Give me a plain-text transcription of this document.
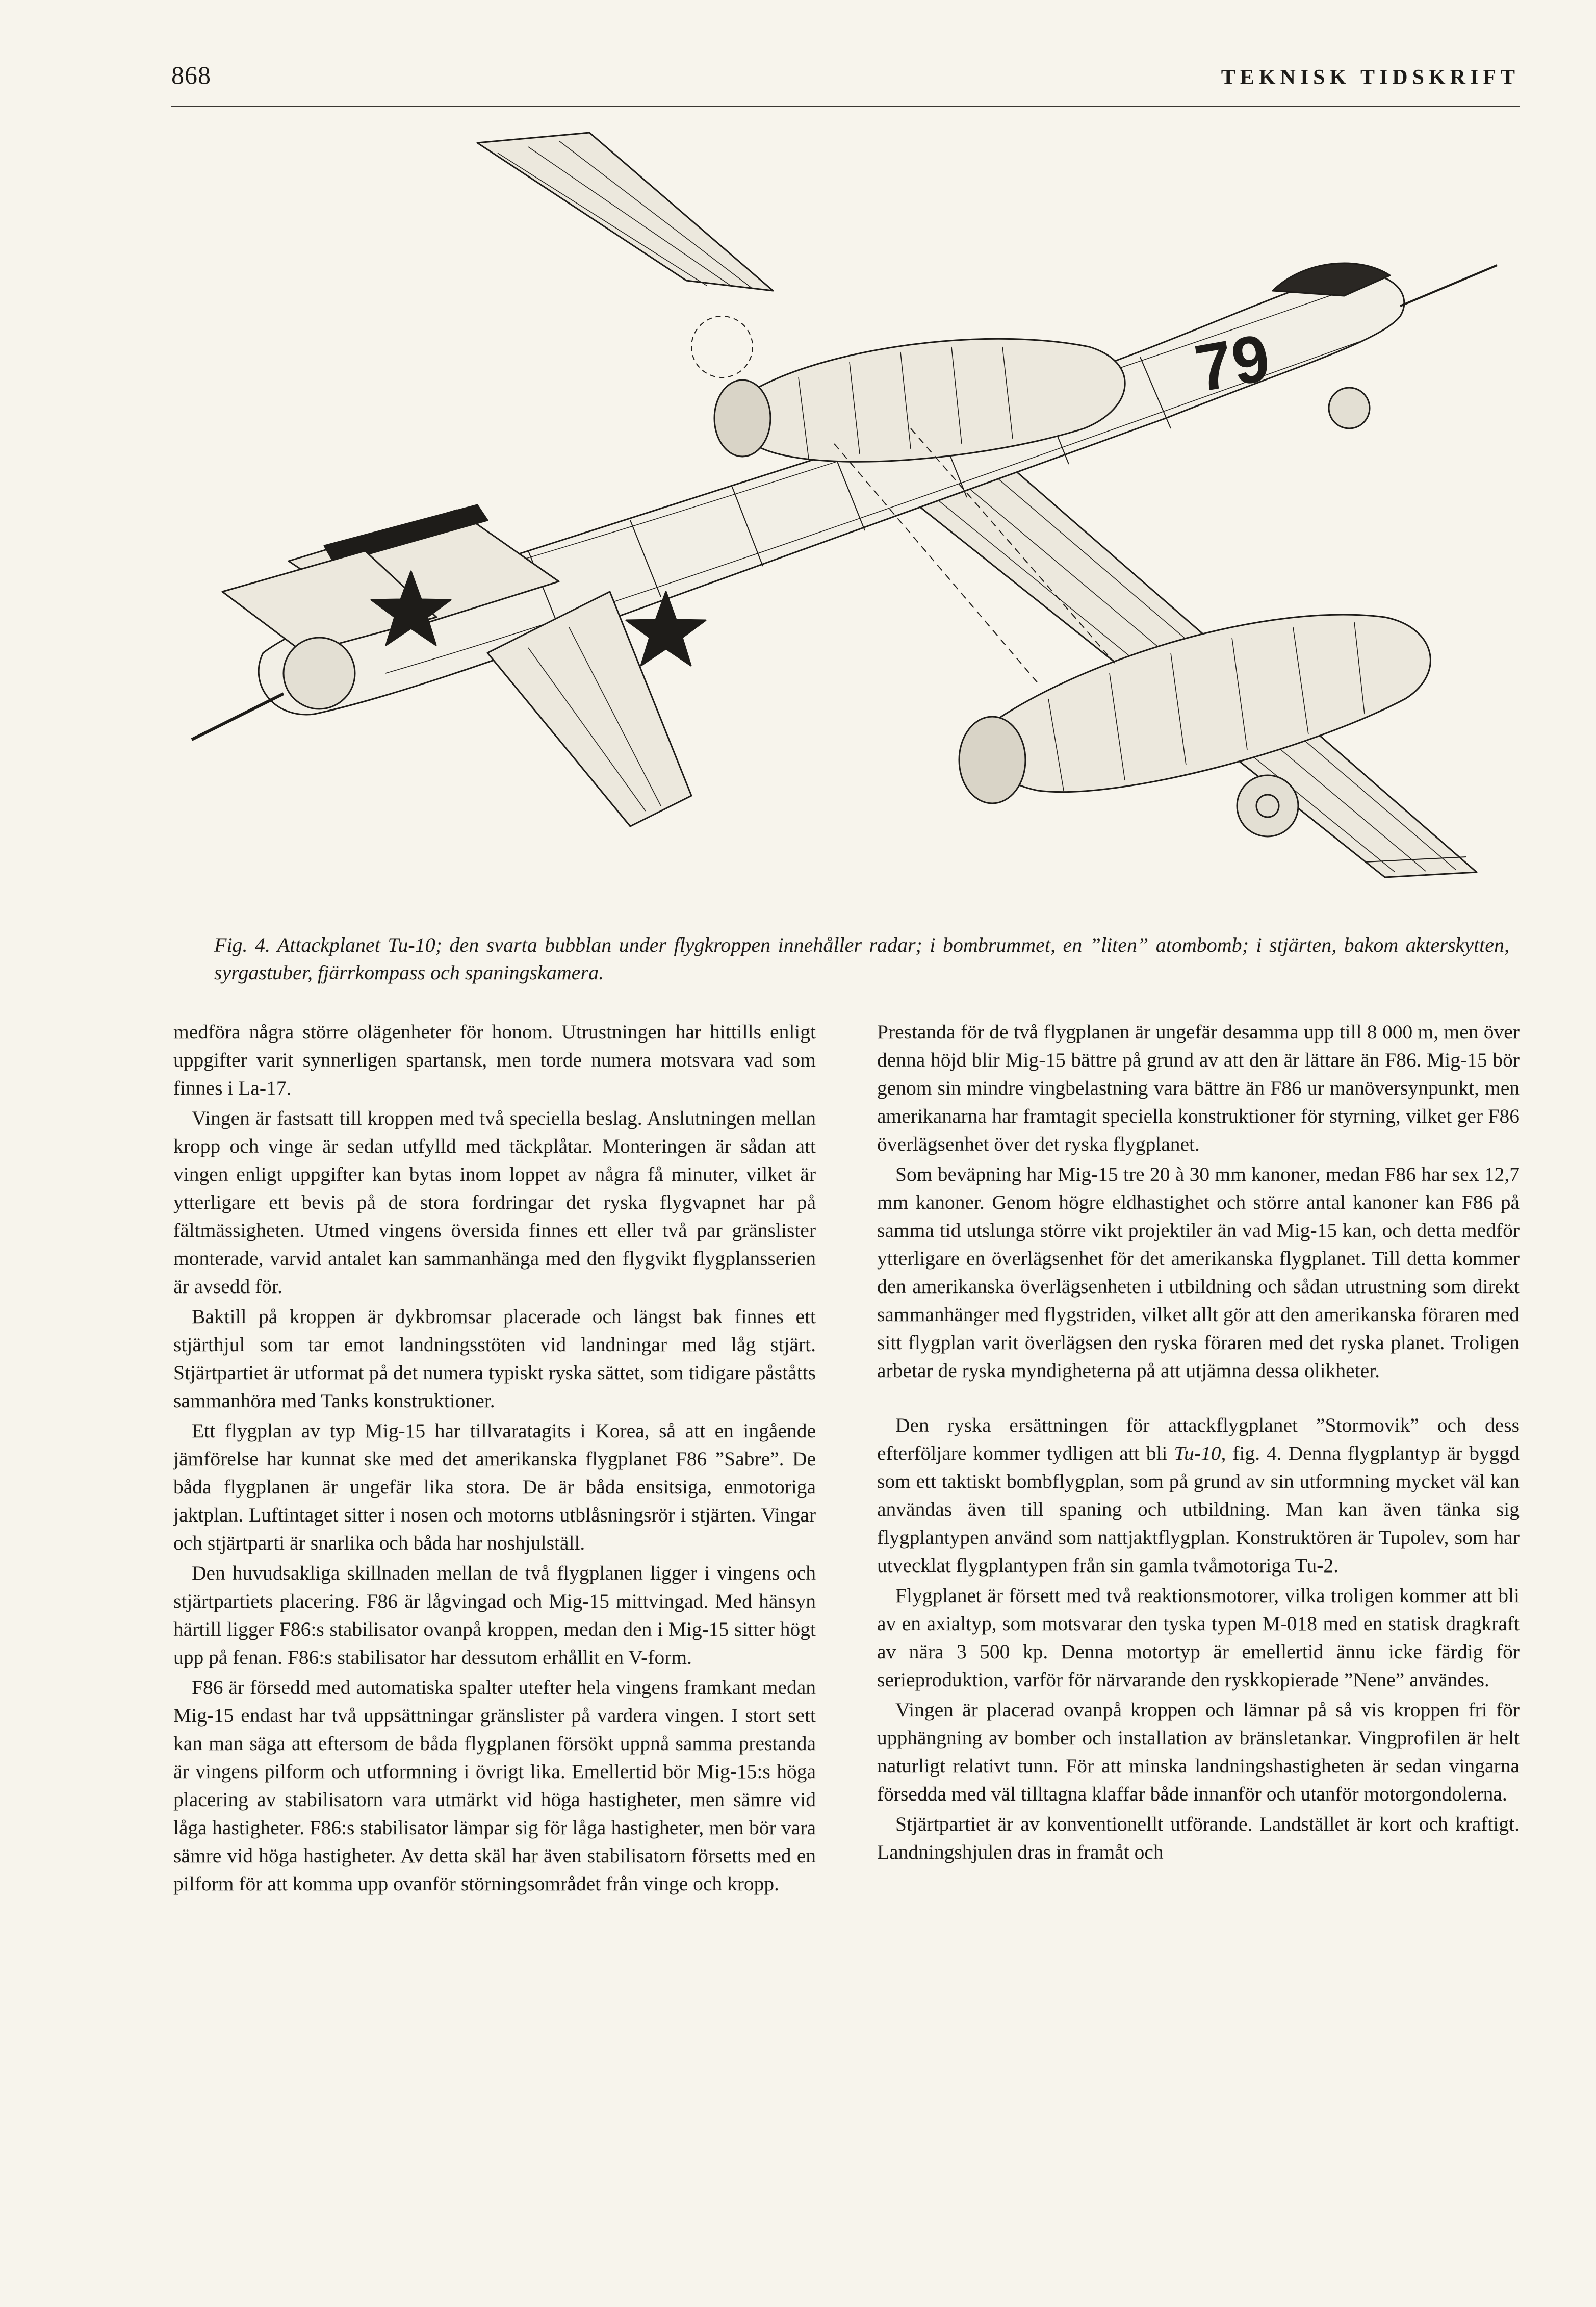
868	TEKNISK TIDSKRIFT
79
Fig. 4. Attackplanet Tu-10; den svarta bubblan under flygkroppen innehåller radar; i bombrummet, en ”liten” atombomb; i stjärten, bakom akterskytten, syrgastuber, fjärrkompass och spaningskamera.

medföra några större olägenheter för honom. Utrustningen har hittills enligt uppgifter varit synnerligen spartansk, men torde numera motsvara vad som finnes i La-17.

Vingen är fastsatt till kroppen med två speciella beslag. Anslutningen mellan kropp och vinge är sedan utfylld med täckplåtar. Monteringen är sådan att vingen enligt uppgifter kan bytas inom loppet av några få minuter, vilket är ytterligare ett bevis på de stora fordringar det ryska flygvapnet har på fältmässigheten. Utmed vingens översida finnes ett eller två par gränslister monterade, varvid antalet kan sammanhänga med den flygvikt flygplansserien är avsedd för.

Baktill på kroppen är dykbromsar placerade och längst bak finnes ett stjärthjul som tar emot landningsstöten vid landningar med låg stjärt. Stjärtpartiet är utformat på det numera typiskt ryska sättet, som tidigare påståtts sammanhöra med Tanks konstruktioner.

Ett flygplan av typ Mig-15 har tillvaratagits i Korea, så att en ingående jämförelse har kunnat ske med det amerikanska flygplanet F86 ”Sabre”. De båda flygplanen är ungefär lika stora. De är båda ensitsiga, enmotoriga jaktplan. Luftintaget sitter i nosen och motorns utblåsningsrör i stjärten. Vingar och stjärtparti är snarlika och båda har noshjulställ.

Den huvudsakliga skillnaden mellan de två flygplanen ligger i vingens och stjärtpartiets placering. F86 är lågvingad och Mig-15 mittvingad. Med hänsyn härtill ligger F86:s stabilisator ovanpå kroppen, medan den i Mig-15 sitter högt upp på fenan. F86:s stabilisator har dessutom erhållit en V-form.

F86 är försedd med automatiska spalter utefter hela vingens framkant medan Mig-15 endast har två uppsättningar gränslister på vardera vingen. I stort sett kan man säga att eftersom de båda flygplanen försökt uppnå samma prestanda är vingens pilform och utformning i övrigt lika. Emellertid bör Mig-15:s höga placering av stabilisatorn vara utmärkt vid höga hastigheter, men sämre vid låga hastigheter. F86:s stabilisator lämpar sig för låga hastigheter, men bör vara sämre vid höga hastigheter. Av detta skäl har även stabilisatorn försetts med en pilform för att komma upp ovanför störningsområdet från vinge och kropp.

Prestanda för de två flygplanen är ungefär desamma upp till 8 000 m, men över denna höjd blir Mig-15 bättre på grund av att den är lättare än F86. Mig-15 bör genom sin mindre vingbelastning vara bättre än F86 ur manöversynpunkt, men amerikanarna har framtagit speciella konstruktioner för styrning, vilket ger F86 överlägsenhet över det ryska flygplanet.

Som beväpning har Mig-15 tre 20 à 30 mm kanoner, medan F86 har sex 12,7 mm kanoner. Genom högre eldhastighet och större antal kanoner kan F86 på samma tid utslunga större vikt projektiler än vad Mig-15 kan, och detta medför ytterligare en överlägsenhet för det amerikanska flygplanet. Till detta kommer den amerikanska överlägsenheten i utbildning och sådan utrustning som direkt sammanhänger med flygstriden, vilket allt gör att den amerikanska föraren med sitt flygplan varit överlägsen den ryska föraren med det ryska planet. Troligen arbetar de ryska myndigheterna på att utjämna dessa olikheter.

Den ryska ersättningen för attackflygplanet ”Stormovik” och dess efterföljare kommer tydligen att bli Tu-10, fig. 4. Denna flygplantyp är byggd som ett taktiskt bombflygplan, som på grund av sin utformning mycket väl kan användas även till spaning och utbildning. Man kan även tänka sig flygplantypen använd som nattjaktflygplan. Konstruktören är Tupolev, som har utvecklat flygplantypen från sin gamla tvåmotoriga Tu-2.

Flygplanet är försett med två reaktionsmotorer, vilka troligen kommer att bli av en axialtyp, som motsvarar den tyska typen M-018 med en statisk dragkraft av nära 3 500 kp. Denna motortyp är emellertid ännu icke färdig för serieproduktion, varför för närvarande den ryskkopierade ”Nene” användes.

Vingen är placerad ovanpå kroppen och lämnar på så vis kroppen fri för upphängning av bomber och installation av bränsletankar. Vingprofilen är helt naturligt relativt tunn. För att minska landningshastigheten är sedan vingarna försedda med väl tilltagna klaffar både innanför och utanför motorgondolerna.

Stjärtpartiet är av konventionellt utförande. Landstället är kort och kraftigt. Landningshjulen dras in framåt och
